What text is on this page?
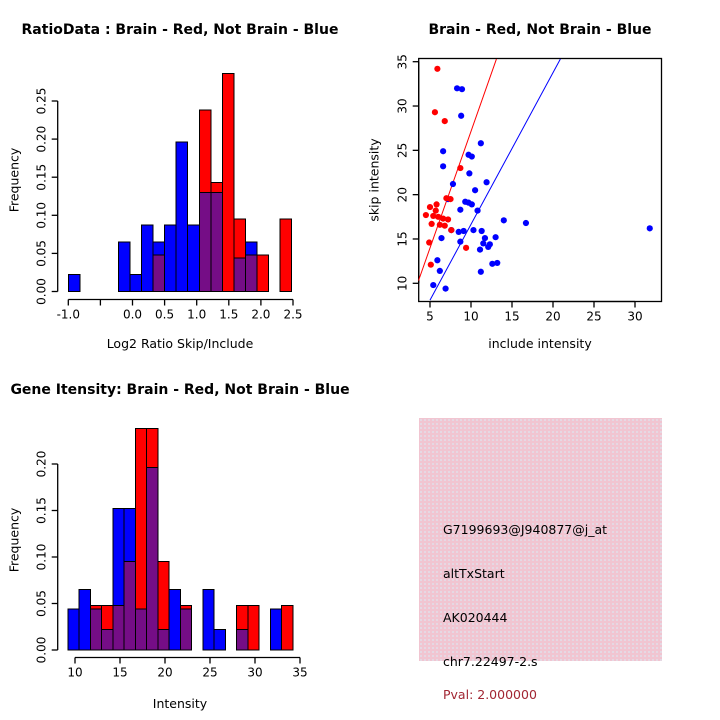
RatioData : Brain - Red, Not Brain - Blue
Frequency
-1.0	0.0 0.5 1.0 1.5 2.0 2.5
0.00
0.05
0.10
0.15
0.20
0.25
Log2 Ratio Skip/Include
Brain - Red, Not Brain - Blue
skip intensity
5 10 15 20 25 30
10
15
20
25
30
35
include intensity
Gene Itensity: Brain - Red, Not Brain - Blue
Frequency
10 15 20 25 30 35
0.00
0.05
0.10
0.15
0.20
Intensity
G7199693@J940877@j_at
altTxStart
AK020444
chr7.22497-2.s
Pval: 2.000000
